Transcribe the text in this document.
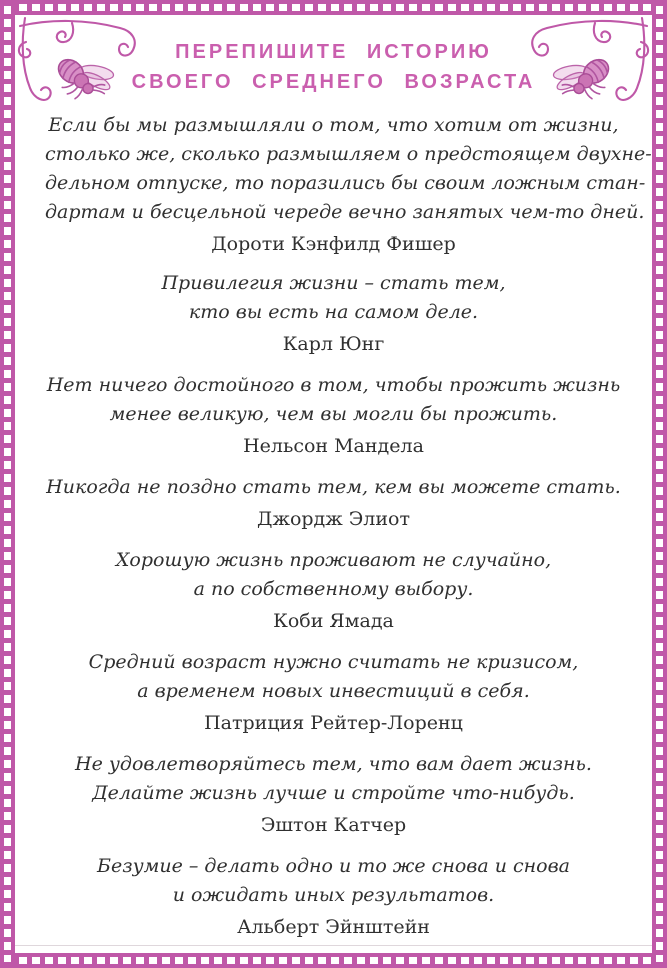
ПЕРЕПИШИТЕ ИСТОРИЮ
СВОЕГО СРЕДНЕГО ВОЗРАСТА
Если бы мы размышляли о том, что хотим от жизни,
столько же, сколько размышляем о предстоящем двухне-
дельном отпуске, то поразились бы своим ложным стан-
дартам и бесцельной череде вечно занятых чем-то дней.
Дороти Кэнфилд Фишер
Привилегия жизни – стать тем,
кто вы есть на самом деле.
Карл Юнг
Нет ничего достойного в том, чтобы прожить жизнь
менее великую, чем вы могли бы прожить.
Нельсон Мандела
Никогда не поздно стать тем, кем вы можете стать.
Джордж Элиот
Хорошую жизнь проживают не случайно,
а по собственному выбору.
Коби Ямада
Средний возраст нужно считать не кризисом,
а временем новых инвестиций в себя.
Патриция Рейтер-Лоренц
Не удовлетворяйтесь тем, что вам дает жизнь.
Делайте жизнь лучше и стройте что-нибудь.
Эштон Катчер
Безумие – делать одно и то же снова и снова
и ожидать иных результатов.
Альберт Эйнштейн
